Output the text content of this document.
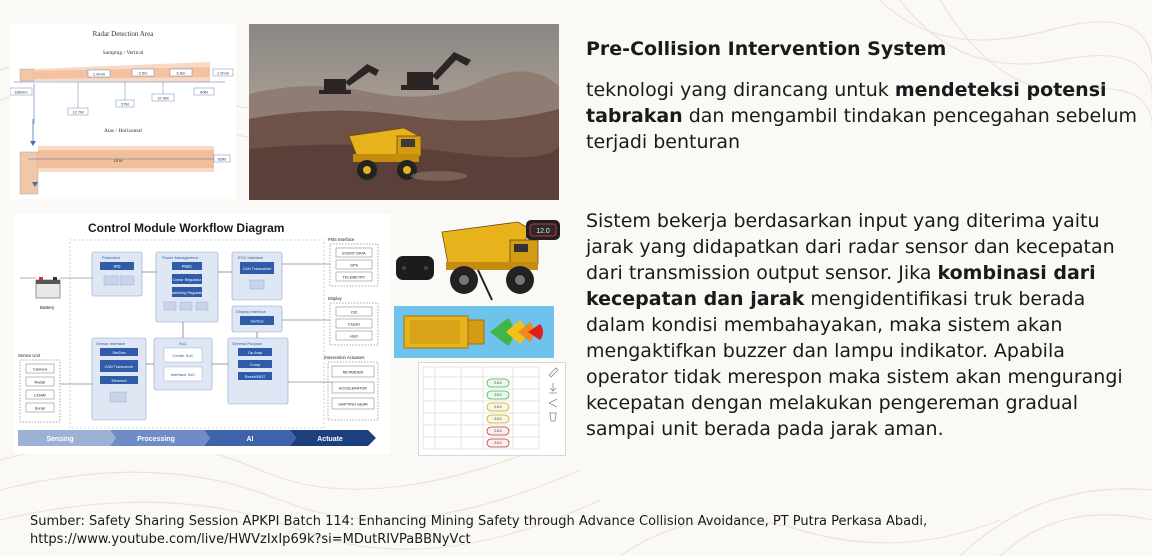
Radar Detection Area
Samping / Vertical
1.0mm	3.5m	6.8m	1.0mm
180mm
12.7M
27M
37.5M
60M
Atas / Horizontal
15 M	65M
Control Module Workflow Diagram
Battery
Protection
IPD
Power Management
PMIC
Linear Regulator
Switching Regulator
ECU Interface
CAN Transceiver
Display Interface
SerDes
Sensor Interface
SerDes
CAN Transceiver
Ethernet
SoC
Center SoC
Interface SoC
General Purpose
Op Amp
Comp
Reset/WDT
Sensor Unit
Camera
Radar
LiDAR
Sonar
FMS Interface
EVENT DATA
GPS
TELEMETRY
Display
CID
Cluster
HUD
Intervention Actuators
RETARDER
ACCELERATOR
SHIFTING GEAR
Sensing	Processing	AI	Actuate
12.0
0.0.0
0.0.0
0.0.0
0.0.0
0.0.0
0.0.0
Pre-Collision Intervention System
teknologi yang dirancang untuk mendeteksi potensi tabrakan dan mengambil tindakan pencegahan sebelum terjadi benturan
Sistem bekerja berdasarkan input yang diterima yaitu jarak yang didapatkan dari radar sensor dan kecepatan dari transmission output sensor. Jika kombinasi dari kecepatan dan jarak mengidentifikasi truk berada dalam kondisi membahayakan, maka sistem akan mengaktifkan buzzer dan lampu indikator. Apabila operator tidak merespon maka sistem akan mengurangi kecepatan dengan melakukan pengereman gradual sampai unit berada pada jarak aman.
Sumber: Safety Sharing Session APKPI Batch 114: Enhancing Mining Safety through Advance Collision Avoidance, PT Putra Perkasa Abadi, https://www.youtube.com/live/HWVzIxIp69k?si=MDutRIVPaBBNyVct
